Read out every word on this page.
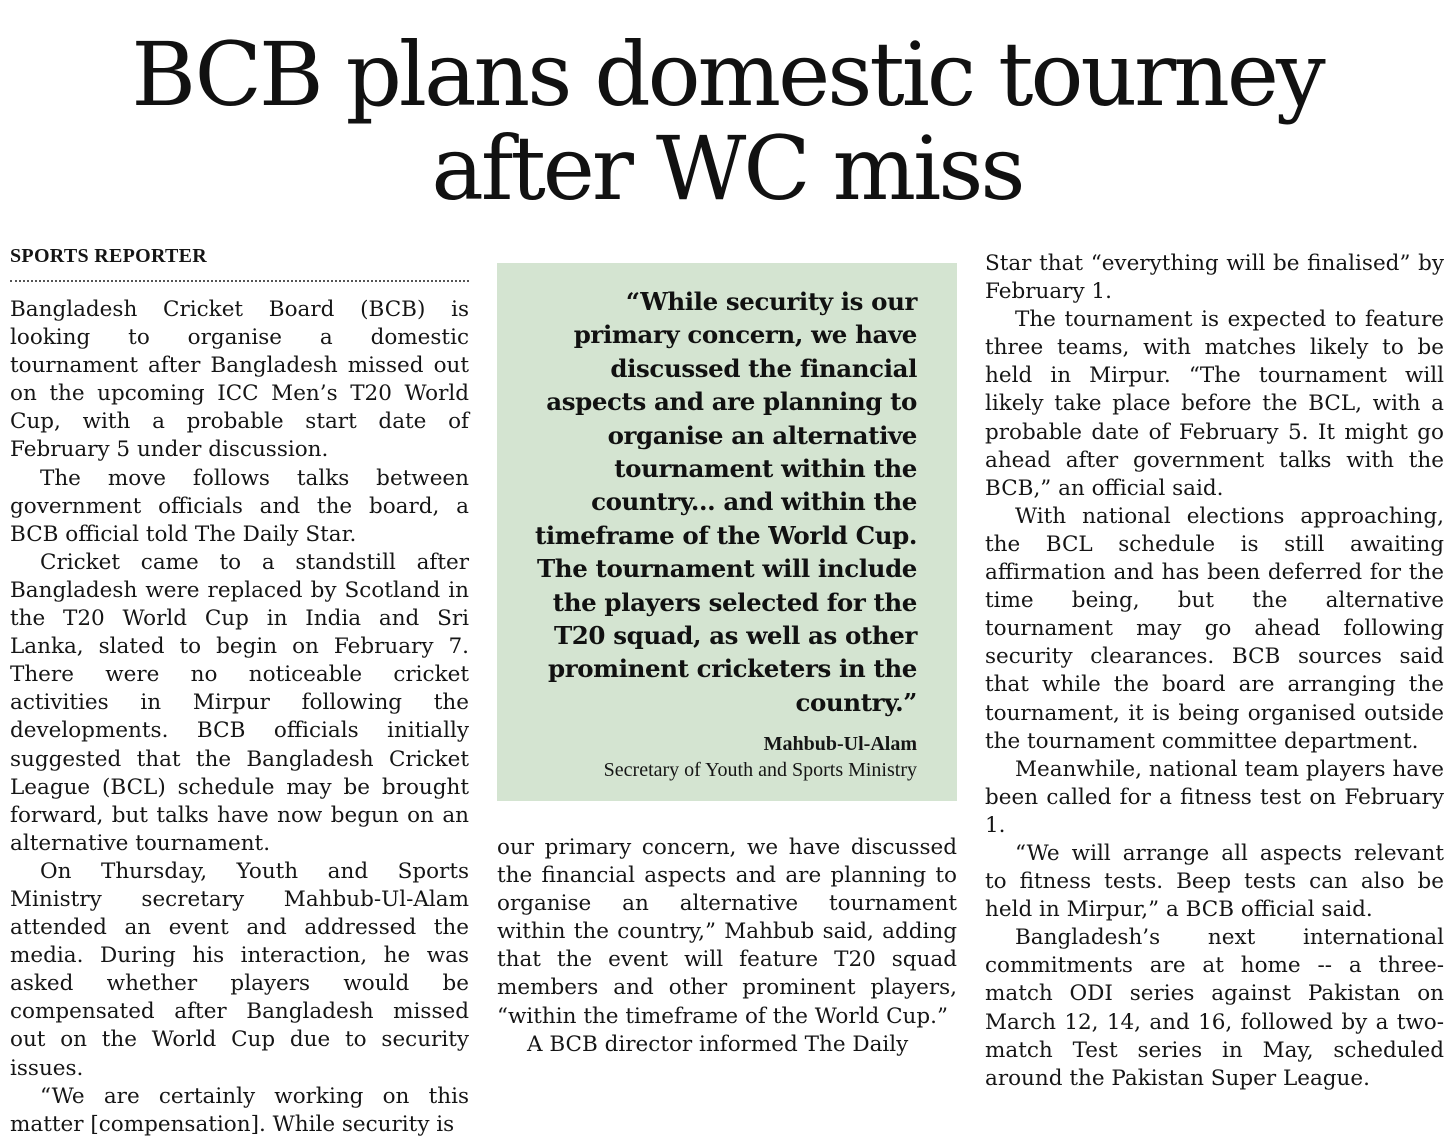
BCB plans domestic tourney
after WC miss
SPORTS REPORTER

Bangladesh Cricket Board (BCB) is looking to organise a domestic tournament after Bangladesh missed out on the upcoming ICC Men’s T20 World Cup, with a probable start date of February 5 under discussion.

The move follows talks between government officials and the board, a BCB official told The Daily Star.

Cricket came to a standstill after Bangladesh were replaced by Scotland in the T20 World Cup in India and Sri Lanka, slated to begin on February 7. There were no noticeable cricket activities in Mirpur following the developments. BCB officials initially suggested that the Bangladesh Cricket League (BCL) schedule may be brought forward, but talks have now begun on an alternative tournament.

On Thursday, Youth and Sports Ministry secretary Mahbub-Ul-Alam attended an event and addressed the media. During his interaction, he was asked whether players would be compensated after Bangladesh missed out on the World Cup due to security issues.

“We are certainly working on this matter [compensation]. While security is

“While security is our primary concern, we have discussed the financial aspects and are planning to organise an alternative tournament within the country... and within the timeframe of the World Cup. The tournament will include the players selected for the T20 squad, as well as other prominent cricketers in the country.”

Mahbub-Ul-Alam
Secretary of Youth and Sports Ministry

our primary concern, we have discussed the financial aspects and are planning to organise an alternative tournament within the country,” Mahbub said, adding that the event will feature T20 squad members and other prominent players, “within the timeframe of the World Cup.”

A BCB director informed The Daily

Star that “everything will be finalised” by February 1.

The tournament is expected to feature three teams, with matches likely to be held in Mirpur. “The tournament will likely take place before the BCL, with a probable date of February 5. It might go ahead after government talks with the BCB,” an official said.

With national elections approaching, the BCL schedule is still awaiting affirmation and has been deferred for the time being, but the alternative tournament may go ahead following security clearances. BCB sources said that while the board are arranging the tournament, it is being organised outside the tournament committee department.

Meanwhile, national team players have been called for a fitness test on February 1.

“We will arrange all aspects relevant to fitness tests. Beep tests can also be held in Mirpur,” a BCB official said.

Bangladesh’s next international commitments are at home -- a three-match ODI series against Pakistan on March 12, 14, and 16, followed by a two-match Test series in May, scheduled around the Pakistan Super League.
